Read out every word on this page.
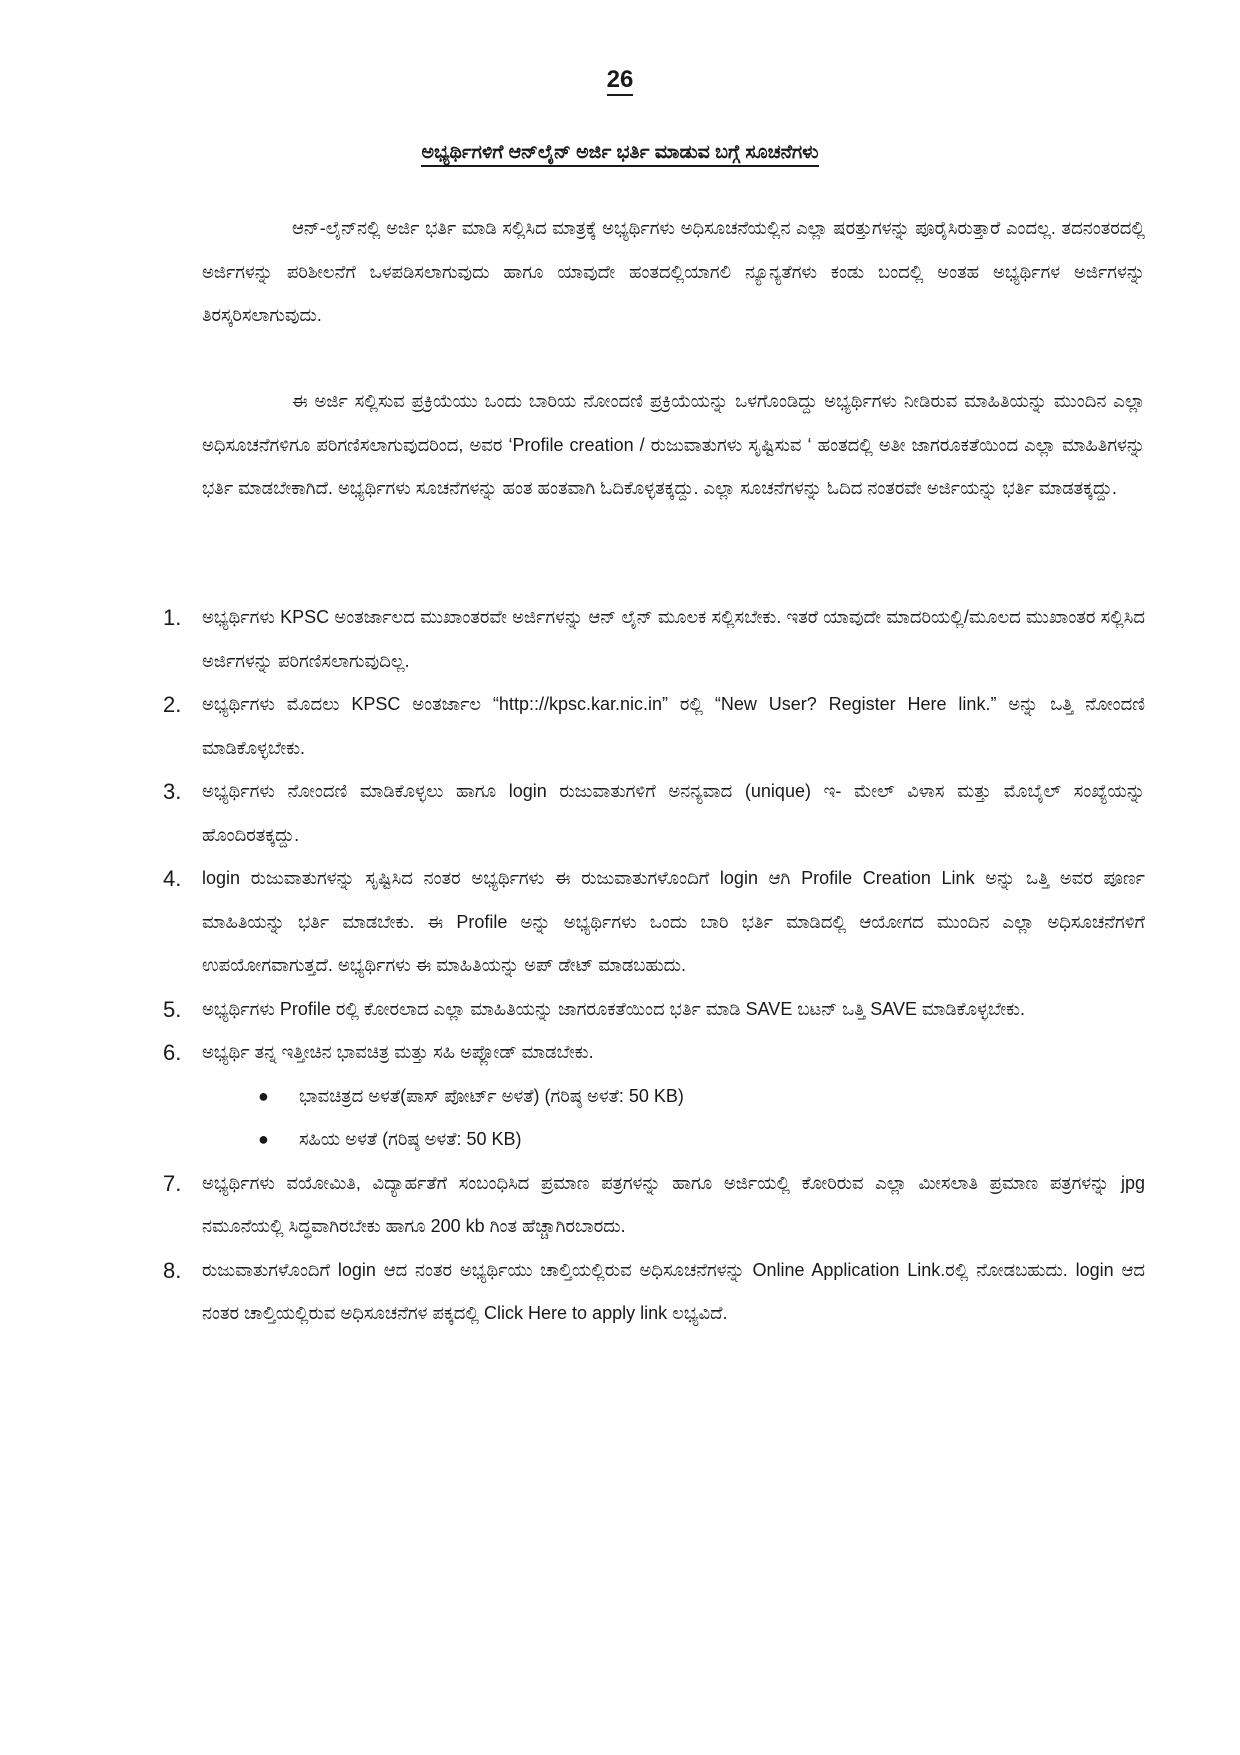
26
ಅಭ್ಯರ್ಥಿಗಳಿಗೆ ಆನ್‌ಲೈನ್ ಅರ್ಜಿ ಭರ್ತಿ ಮಾಡುವ ಬಗ್ಗೆ ಸೂಚನೆಗಳು
ಆನ್-ಲೈನ್‌ನಲ್ಲಿ ಅರ್ಜಿ ಭರ್ತಿ ಮಾಡಿ ಸಲ್ಲಿಸಿದ ಮಾತ್ರಕ್ಕೆ ಅಭ್ಯರ್ಥಿಗಳು ಅಧಿಸೂಚನೆಯಲ್ಲಿನ ಎಲ್ಲಾ ಷರತ್ತುಗಳನ್ನು ಪೂರೈಸಿರುತ್ತಾರೆ ಎಂದಲ್ಲ. ತದನಂತರದಲ್ಲಿ ಅರ್ಜಿಗಳನ್ನು ಪರಿಶೀಲನೆಗೆ ಒಳಪಡಿಸಲಾಗುವುದು ಹಾಗೂ ಯಾವುದೇ ಹಂತದಲ್ಲಿಯಾಗಲಿ ನ್ಯೂನ್ಯತೆಗಳು ಕಂಡು ಬಂದಲ್ಲಿ ಅಂತಹ ಅಭ್ಯರ್ಥಿಗಳ ಅರ್ಜಿಗಳನ್ನು ತಿರಸ್ಕರಿಸಲಾಗುವುದು.
ಈ ಅರ್ಜಿ ಸಲ್ಲಿಸುವ ಪ್ರಕ್ರಿಯೆಯು ಒಂದು ಬಾರಿಯ ನೋಂದಣಿ ಪ್ರಕ್ರಿಯೆಯನ್ನು ಒಳಗೊಂಡಿದ್ದು ಅಭ್ಯರ್ಥಿಗಳು ನೀಡಿರುವ ಮಾಹಿತಿಯನ್ನು ಮುಂದಿನ ಎಲ್ಲಾ ಅಧಿಸೂಚನೆಗಳಿಗೂ ಪರಿಗಣಿಸಲಾಗುವುದರಿಂದ, ಅವರ ‘Profile creation / ರುಜುವಾತುಗಳು ಸೃಷ್ಟಿಸುವ ‘ ಹಂತದಲ್ಲಿ ಅತೀ ಜಾಗರೂಕತೆಯಿಂದ ಎಲ್ಲಾ ಮಾಹಿತಿಗಳನ್ನು ಭರ್ತಿ ಮಾಡಬೇಕಾಗಿದೆ. ಅಭ್ಯರ್ಥಿಗಳು ಸೂಚನೆಗಳನ್ನು ಹಂತ ಹಂತವಾಗಿ ಓದಿಕೊಳ್ಳತಕ್ಕದ್ದು. ಎಲ್ಲಾ ಸೂಚನೆಗಳನ್ನು ಓದಿದ ನಂತರವೇ ಅರ್ಜಿಯನ್ನು ಭರ್ತಿ ಮಾಡತಕ್ಕದ್ದು.
1. ಅಭ್ಯರ್ಥಿಗಳು KPSC ಅಂತರ್ಜಾಲದ ಮುಖಾಂತರವೇ ಅರ್ಜಿಗಳನ್ನು ಆನ್ ಲೈನ್ ಮೂಲಕ ಸಲ್ಲಿಸಬೇಕು. ಇತರೆ ಯಾವುದೇ ಮಾದರಿಯಲ್ಲಿ/ಮೂಲದ ಮುಖಾಂತರ ಸಲ್ಲಿಸಿದ ಅರ್ಜಿಗಳನ್ನು ಪರಿಗಣಿಸಲಾಗುವುದಿಲ್ಲ.
2. ಅಭ್ಯರ್ಥಿಗಳು ಮೊದಲು KPSC ಅಂತರ್ಜಾಲ “http:://kpsc.kar.nic.in” ರಲ್ಲಿ “New User? Register Here link.” ಅನ್ನು ಒತ್ತಿ ನೋಂದಣಿ ಮಾಡಿಕೊಳ್ಳಬೇಕು.
3. ಅಭ್ಯರ್ಥಿಗಳು ನೋಂದಣಿ ಮಾಡಿಕೊಳ್ಳಲು ಹಾಗೂ login ರುಜುವಾತುಗಳಿಗೆ ಅನನ್ಯವಾದ (unique) ಇ- ಮೇಲ್ ವಿಳಾಸ ಮತ್ತು ಮೊಬೈಲ್ ಸಂಖ್ಯೆಯನ್ನು ಹೊಂದಿರತಕ್ಕದ್ದು.
4. login ರುಜುವಾತುಗಳನ್ನು ಸೃಷ್ಟಿಸಿದ ನಂತರ ಅಭ್ಯರ್ಥಿಗಳು ಈ ರುಜುವಾತುಗಳೊಂದಿಗೆ login ಆಗಿ Profile Creation Link ಅನ್ನು ಒತ್ತಿ ಅವರ ಪೂರ್ಣ ಮಾಹಿತಿಯನ್ನು ಭರ್ತಿ ಮಾಡಬೇಕು. ಈ Profile ಅನ್ನು ಅಭ್ಯರ್ಥಿಗಳು ಒಂದು ಬಾರಿ ಭರ್ತಿ ಮಾಡಿದಲ್ಲಿ ಆಯೋಗದ ಮುಂದಿನ ಎಲ್ಲಾ ಅಧಿಸೂಚನೆಗಳಿಗೆ ಉಪಯೋಗವಾಗುತ್ತದೆ. ಅಭ್ಯರ್ಥಿಗಳು ಈ ಮಾಹಿತಿಯನ್ನು ಅಪ್ ಡೇಟ್ ಮಾಡಬಹುದು.
5. ಅಭ್ಯರ್ಥಿಗಳು Profile ರಲ್ಲಿ ಕೋರಲಾದ ಎಲ್ಲಾ ಮಾಹಿತಿಯನ್ನು ಜಾಗರೂಕತೆಯಿಂದ ಭರ್ತಿ ಮಾಡಿ SAVE ಬಟನ್ ಒತ್ತಿ SAVE ಮಾಡಿಕೊಳ್ಳಬೇಕು.
6. ಅಭ್ಯರ್ಥಿ ತನ್ನ ಇತ್ತೀಚಿನ ಭಾವಚಿತ್ರ ಮತ್ತು ಸಹಿ ಅಪ್ಲೋಡ್ ಮಾಡಬೇಕು.
● ಭಾವಚಿತ್ರದ ಅಳತೆ(ಪಾಸ್ ಪೋರ್ಟ್ ಅಳತೆ) (ಗರಿಷ್ಠ ಅಳತೆ: 50 KB)
● ಸಹಿಯ ಅಳತೆ (ಗರಿಷ್ಠ ಅಳತೆ: 50 KB)
7. ಅಭ್ಯರ್ಥಿಗಳು ವಯೋಮಿತಿ, ವಿದ್ಯಾರ್ಹತೆಗೆ ಸಂಬಂಧಿಸಿದ ಪ್ರಮಾಣ ಪತ್ರಗಳನ್ನು ಹಾಗೂ ಅರ್ಜಿಯಲ್ಲಿ ಕೋರಿರುವ ಎಲ್ಲಾ ಮೀಸಲಾತಿ ಪ್ರಮಾಣ ಪತ್ರಗಳನ್ನು jpg ನಮೂನೆಯಲ್ಲಿ ಸಿದ್ಧವಾಗಿರಬೇಕು ಹಾಗೂ 200 kb ಗಿಂತ ಹೆಚ್ಚಾಗಿರಬಾರದು.
8. ರುಜುವಾತುಗಳೊಂದಿಗೆ login ಆದ ನಂತರ ಅಭ್ಯರ್ಥಿಯು ಚಾಲ್ತಿಯಲ್ಲಿರುವ ಅಧಿಸೂಚನೆಗಳನ್ನು Online Application Link.ರಲ್ಲಿ ನೋಡಬಹುದು. login ಆದ ನಂತರ ಚಾಲ್ತಿಯಲ್ಲಿರುವ ಅಧಿಸೂಚನೆಗಳ ಪಕ್ಕದಲ್ಲಿ Click Here to apply link ಲಭ್ಯವಿದೆ.
